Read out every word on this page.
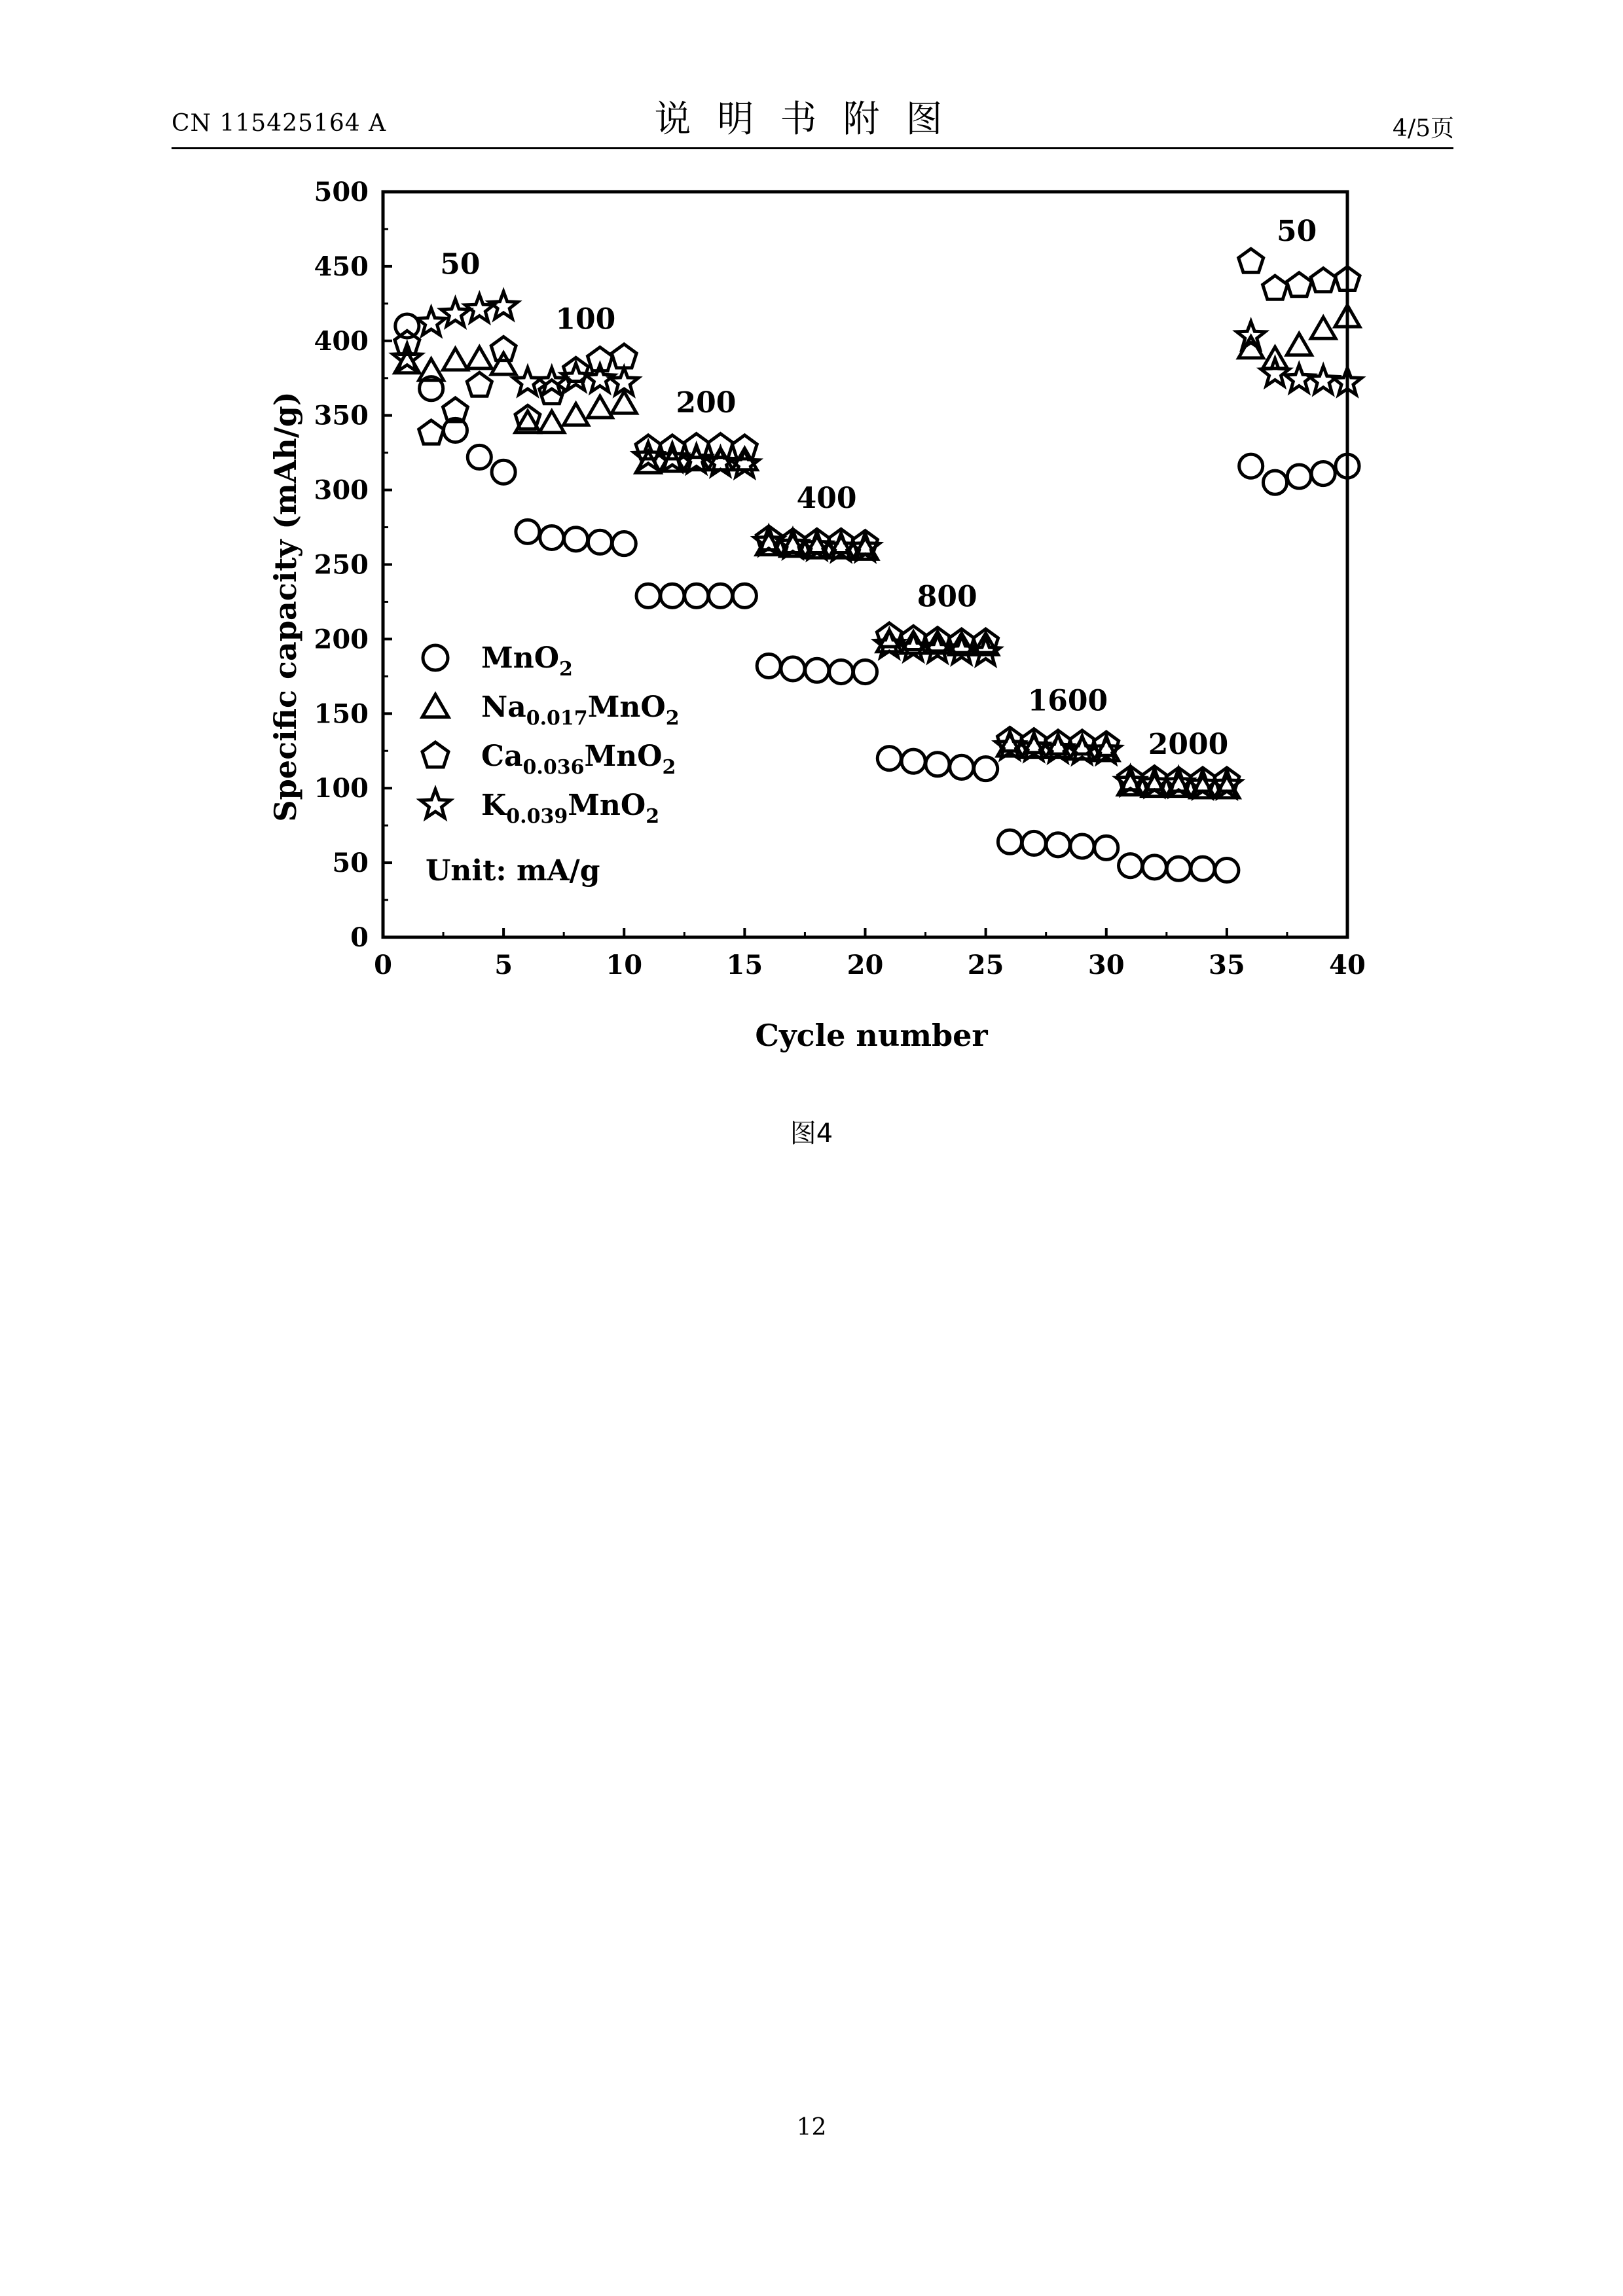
CN 115425164 A	说明书附图	4/5页
0	5	10	15	20	25	30	35	40
0
50
100
150
200
250
300
350
400
450
500
50
100
200
400
800
1600
2000
50
MnO$_2$
$Na_{0.017}MnO_2$
$Ca_{0.036}MnO_2$
$K_{0.039}MnO_2$
Cycle number
Specific capacity (mAh/g)
Unit: mA/g
图4
12
